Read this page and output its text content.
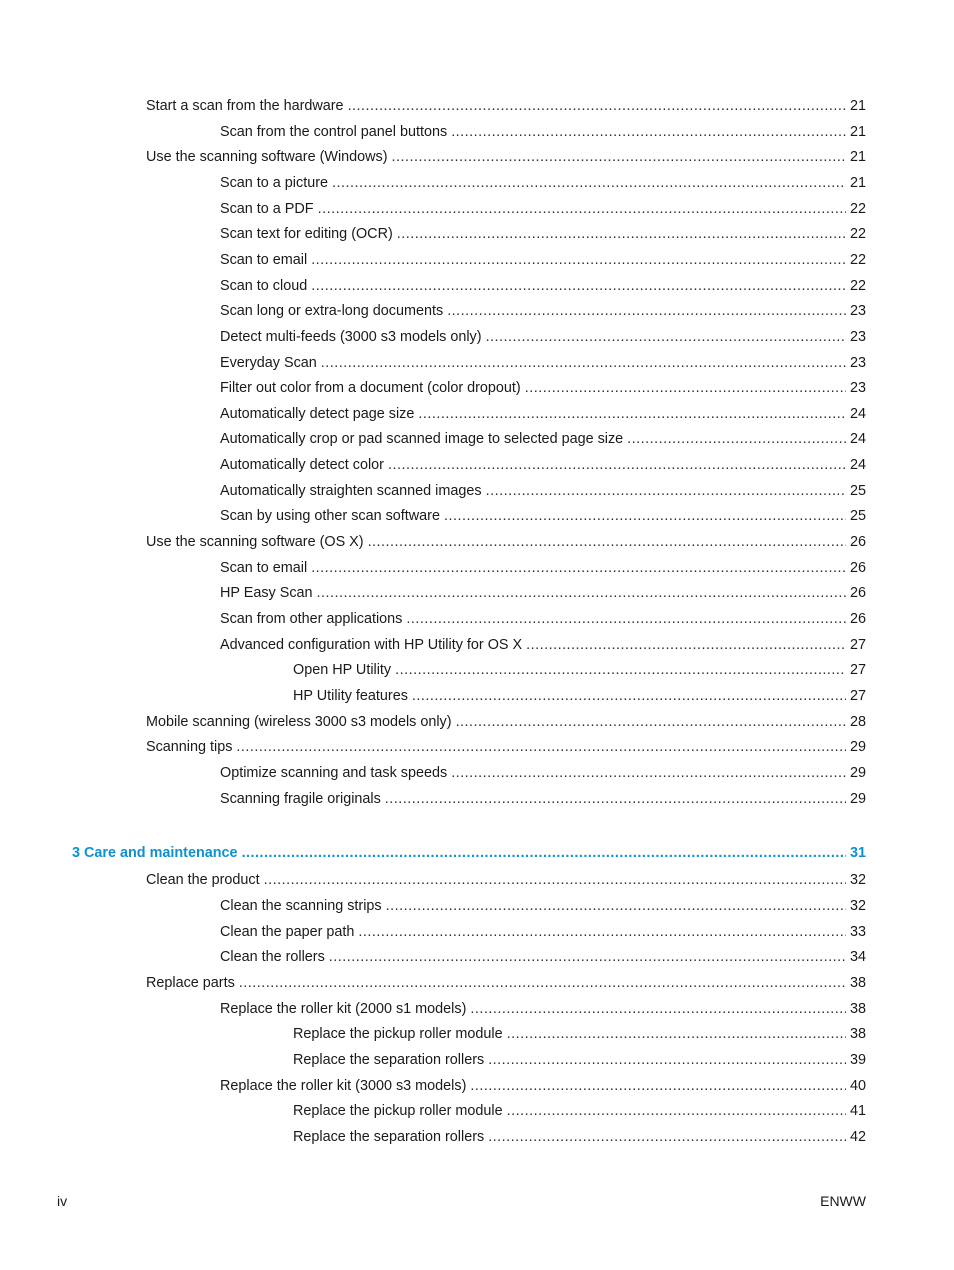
Start a scan from the hardware .....	21
Scan from the control panel buttons .....	21
Use the scanning software (Windows) .....	21
Scan to a picture .....	21
Scan to a PDF .....	22
Scan text for editing (OCR) .....	22
Scan to email .....	22
Scan to cloud .....	22
Scan long or extra-long documents .....	23
Detect multi-feeds (3000 s3 models only) .....	23
Everyday Scan .....	23
Filter out color from a document (color dropout) .....	23
Automatically detect page size .....	24
Automatically crop or pad scanned image to selected page size .....	24
Automatically detect color .....	24
Automatically straighten scanned images .....	25
Scan by using other scan software .....	25
Use the scanning software (OS X) .....	26
Scan to email .....	26
HP Easy Scan .....	26
Scan from other applications .....	26
Advanced configuration with HP Utility for OS X .....	27
Open HP Utility .....	27
HP Utility features .....	27
Mobile scanning (wireless 3000 s3 models only) .....	28
Scanning tips .....	29
Optimize scanning and task speeds .....	29
Scanning fragile originals .....	29
3 Care and maintenance .....	31
Clean the product .....	32
Clean the scanning strips .....	32
Clean the paper path .....	33
Clean the rollers .....	34
Replace parts .....	38
Replace the roller kit (2000 s1 models) .....	38
Replace the pickup roller module .....	38
Replace the separation rollers .....	39
Replace the roller kit (3000 s3 models) .....	40
Replace the pickup roller module .....	41
Replace the separation rollers .....	42
iv	ENWW
